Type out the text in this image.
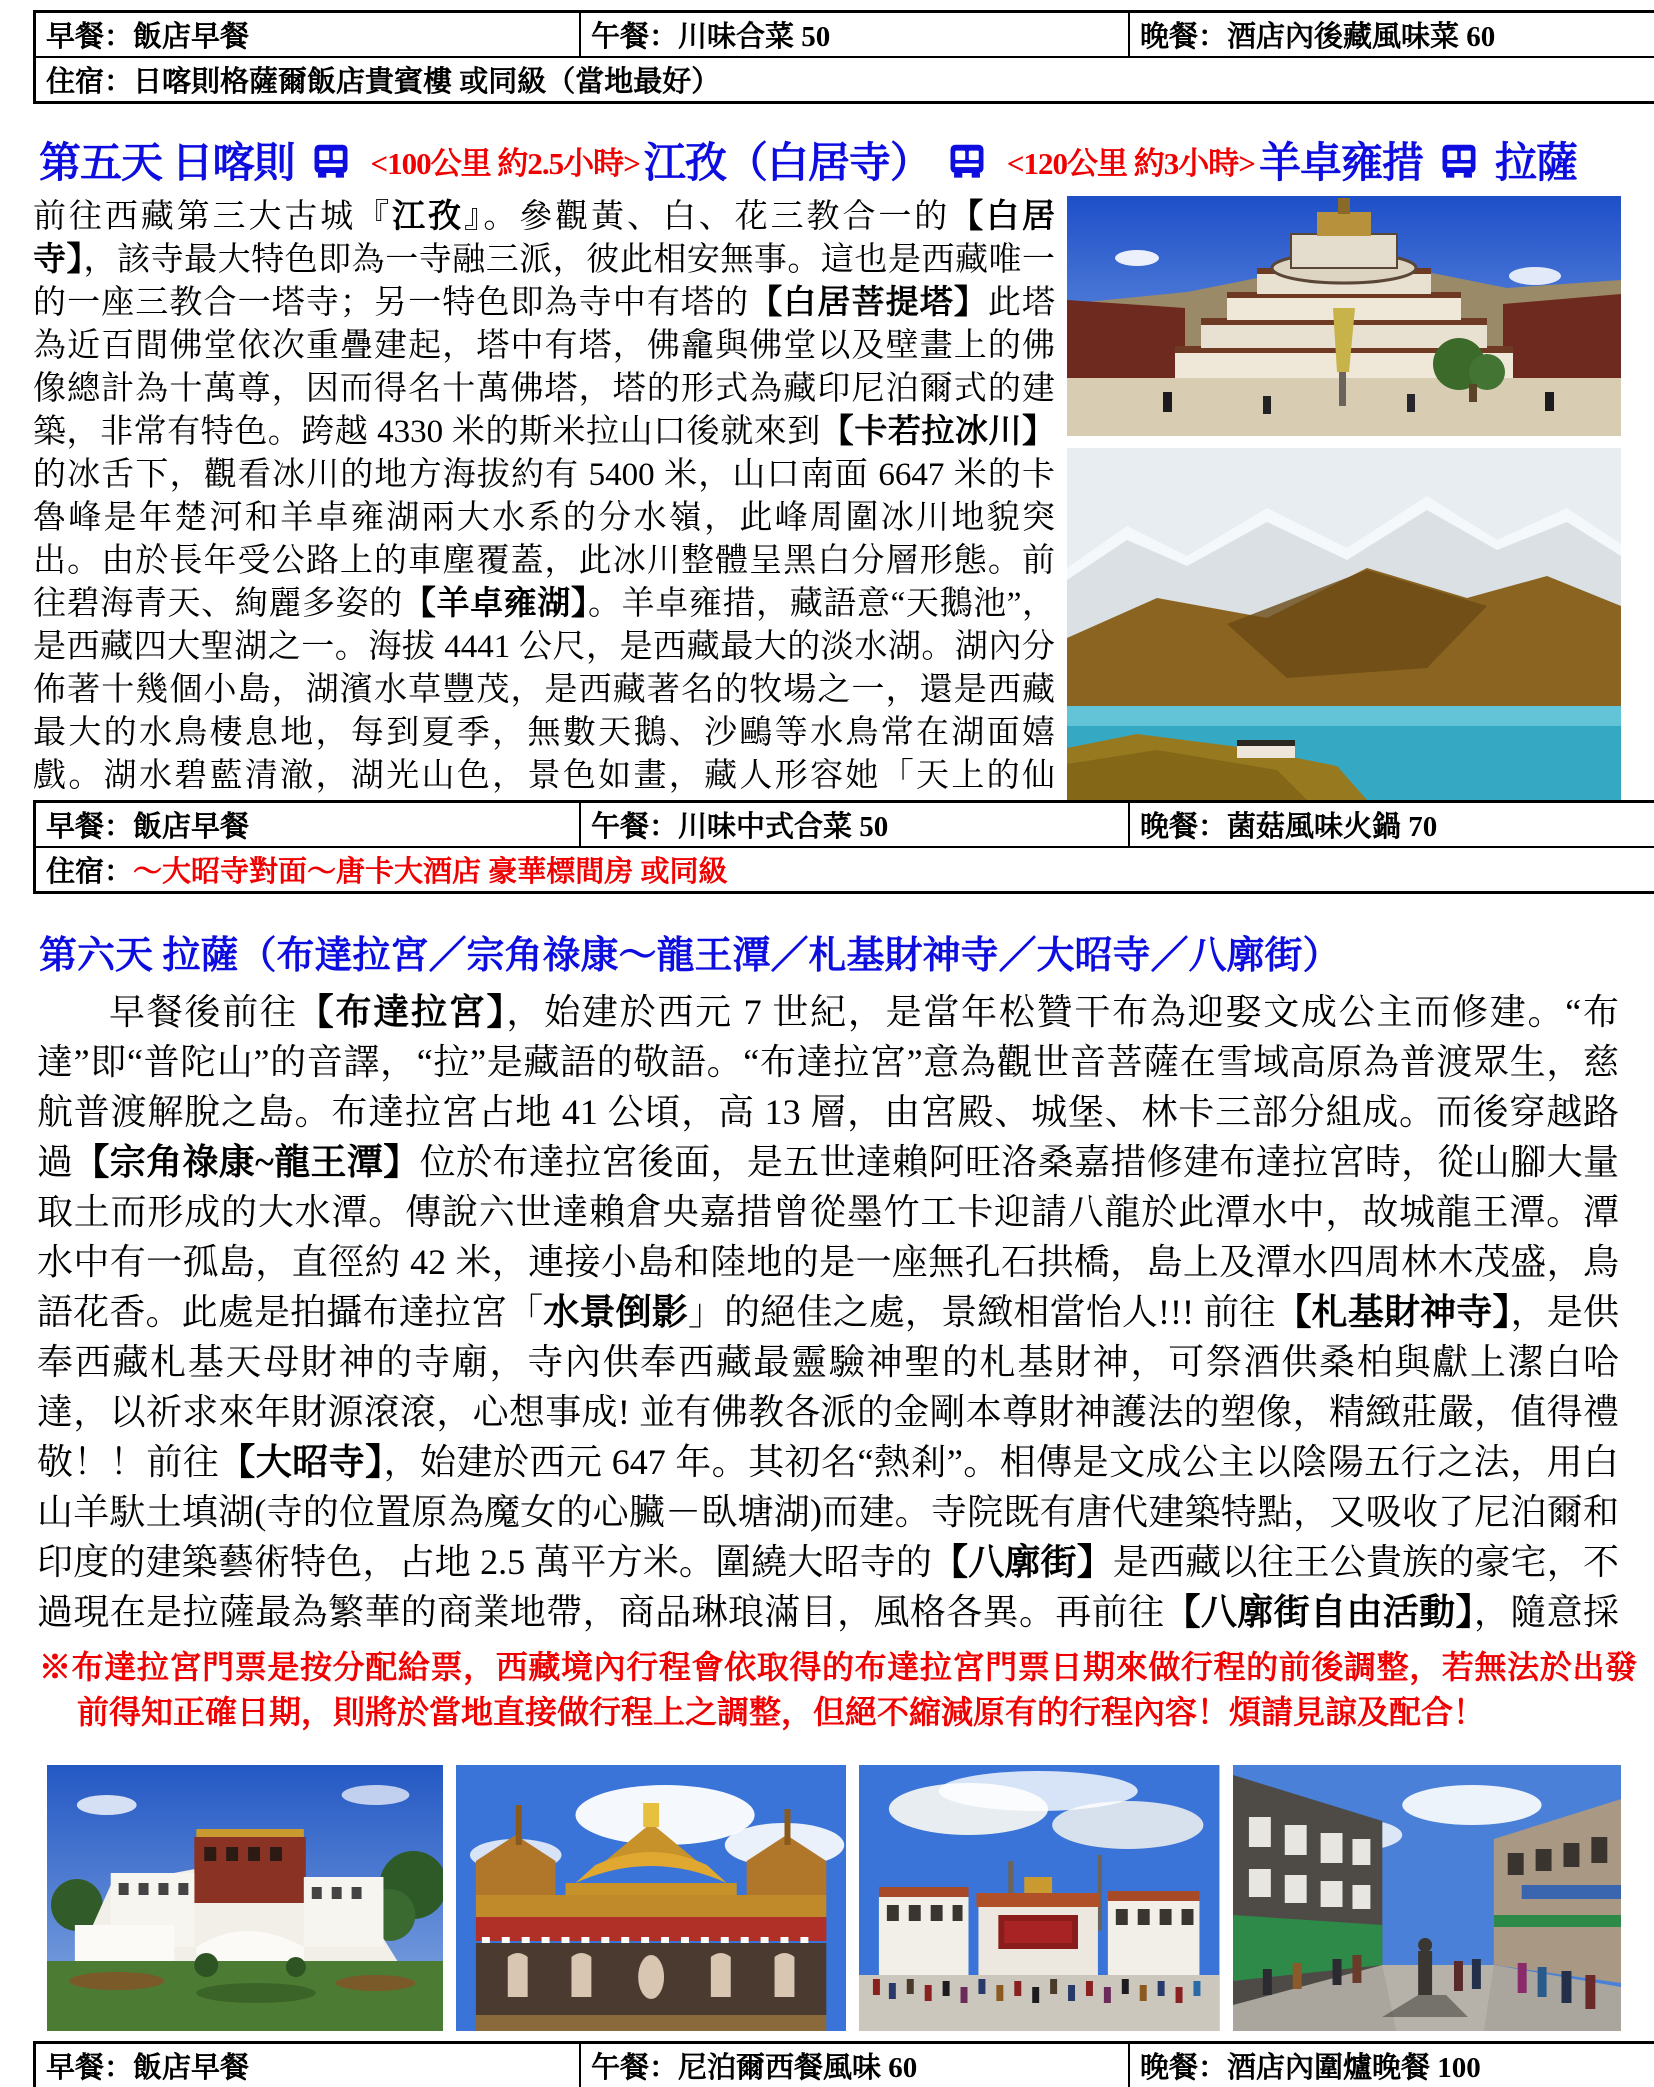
早餐：飯店早餐	午餐：川味合菜 50	晚餐：酒店內後藏風味菜 60
住宿：日喀則格薩爾飯店貴賓樓 或同級（當地最好）
第五天 日喀則 <100公里 約2.5小時> 江孜（白居寺） <120公里 約3小時> 羊卓雍措 拉薩
前往西藏第三大古城『江孜』。參觀黃、白、花三教合一的【白居寺】，該寺最大特色即為一寺融三派，彼此相安無事。這也是西藏唯一的一座三教合一塔寺；另一特色即為寺中有塔的【白居菩提塔】此塔為近百間佛堂依次重疊建起，塔中有塔，佛龕與佛堂以及壁畫上的佛像總計為十萬尊，因而得名十萬佛塔，塔的形式為藏印尼泊爾式的建築，非常有特色。跨越 4330 米的斯米拉山口後就來到【卡若拉冰川】的冰舌下，觀看冰川的地方海拔約有 5400 米，山口南面 6647 米的卡魯峰是年楚河和羊卓雍湖兩大水系的分水嶺，此峰周圍冰川地貌突出。由於長年受公路上的車塵覆蓋，此冰川整體呈黑白分層形態。前往碧海青天、絢麗多姿的【羊卓雍湖】。羊卓雍措，藏語意“天鵝池”，是西藏四大聖湖之一。海拔 4441 公尺，是西藏最大的淡水湖。湖內分佈著十幾個小島，湖濱水草豐茂，是西藏著名的牧場之一，還是西藏最大的水鳥棲息地，每到夏季，無數天鵝、沙鷗等水鳥常在湖面嬉戲。湖水碧藍清澈，湖光山色，景色如畫，藏人形容她「天上的仙
早餐：飯店早餐	午餐：川味中式合菜 50	晚餐：菌菇風味火鍋 70
住宿：～大昭寺對面～唐卡大酒店 豪華標間房 或同級
第六天 拉薩（布達拉宮／宗角祿康～龍王潭／札基財神寺／大昭寺／八廓街）
早餐後前往【布達拉宮】，始建於西元 7 世紀，是當年松贊干布為迎娶文成公主而修建。“布達”即“普陀山”的音譯，“拉”是藏語的敬語。“布達拉宮”意為觀世音菩薩在雪域高原為普渡眾生，慈航普渡解脫之島。布達拉宮占地 41 公頃，高 13 層，由宮殿、城堡、林卡三部分組成。而後穿越路過【宗角祿康~龍王潭】位於布達拉宮後面，是五世達賴阿旺洛桑嘉措修建布達拉宮時，從山腳大量取土而形成的大水潭。傳說六世達賴倉央嘉措曾從墨竹工卡迎請八龍於此潭水中，故城龍王潭。潭水中有一孤島，直徑約 42 米，連接小島和陸地的是一座無孔石拱橋，島上及潭水四周林木茂盛，鳥語花香。此處是拍攝布達拉宮「水景倒影」的絕佳之處，景緻相當怡人!!! 前往【札基財神寺】，是供奉西藏札基天母財神的寺廟，寺內供奉西藏最靈驗神聖的札基財神，可祭酒供桑柏與獻上潔白哈達，以祈求來年財源滾滾，心想事成! 並有佛教各派的金剛本尊財神護法的塑像，精緻莊嚴，值得禮敬！！前往【大昭寺】，始建於西元 647 年。其初名“熱剎”。相傳是文成公主以陰陽五行之法，用白山羊馱土填湖(寺的位置原為魔女的心臟－臥塘湖)而建。寺院既有唐代建築特點，又吸收了尼泊爾和印度的建築藝術特色，占地 2.5 萬平方米。圍繞大昭寺的【八廓街】是西藏以往王公貴族的豪宅，不過現在是拉薩最為繁華的商業地帶，商品琳琅滿目，風格各異。再前往【八廓街自由活動】，隨意採
※布達拉宮門票是按分配給票，西藏境內行程會依取得的布達拉宮門票日期來做行程的前後調整，若無法於出發前得知正確日期，則將於當地直接做行程上之調整，但絕不縮減原有的行程內容！煩請見諒及配合！
早餐：飯店早餐	午餐：尼泊爾西餐風味 60	晚餐：酒店內圍爐晚餐 100
